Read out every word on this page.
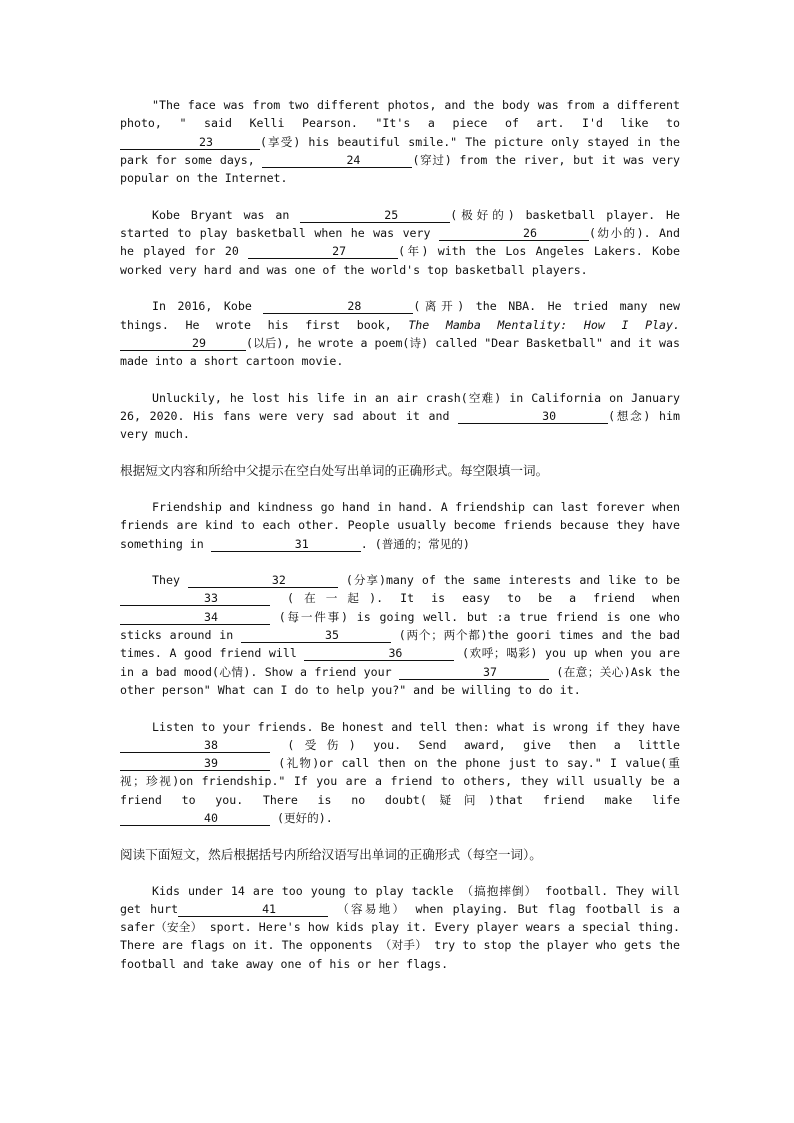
"The face was from two different photos, and the body was from a different photo, " said Kelli Pearson. "It's a piece of art. I'd like to 23	(享受) his beautiful smile." The picture only stayed in the park for some days,	24	(穿过) from the river, but it was very popular on the Internet.

Kobe Bryant was an	25	(极好的) basketball player. He started to play basketball when he was very	26	(幼小的). And he played for 20	27	(年) with the Los Angeles Lakers. Kobe worked very hard and was one of the world's top basketball players.

In 2016, Kobe	28	(离开) the NBA. He tried many new things. He wrote his first book, The Mamba Mentality: How I Play. 29	(以后), he wrote a poem(诗) called "Dear Basketball" and it was made into a short cartoon movie.

Unluckily, he lost his life in an air crash(空难) in California on January 26, 2020. His fans were very sad about it and	30	(想念) him very much.

根据短文内容和所给中父提示在空白处写出单词的正确形式。每空限填一词。

Friendship and kindness go hand in hand. A friendship can last forever when friends are kind to each other. People usually become friends because they have something in	31	. (普通的；常见的)

They	32	(分享)many of the same interests and like to be 33	(在一起). It is easy to be a friend when 34	(每一件事) is going well. but :a true friend is one who sticks around in	35	(两个；两个都)the goori times and the bad times. A good friend will	36	(欢呼；喝彩) you up when you are in a bad mood(心情). Show a friend your	37	(在意；关心)Ask the other person" What can I do to help you?" and be willing to do it.

Listen to your friends. Be honest and tell then: what is wrong if they have 38	(受伤) you. Send award, give then a little 39	(礼物)or call then on the phone just to say." I value(重视；珍视)on friendship." If you are a friend to others, they will usually be a friend to you. There is no doubt(疑问)that friend make life 40	(更好的).

阅读下面短文，然后根据括号内所给汉语写出单词的正确形式（每空一词）。

Kids under 14 are too young to play tackle （搞抱摔倒） football. They will get hurt	41	（容易地） when playing. But flag football is a safer（安全） sport. Here's how kids play it. Every player wears a special thing. There are flags on it. The opponents （对手） try to stop the player who gets the football and take away one of his or her flags.
